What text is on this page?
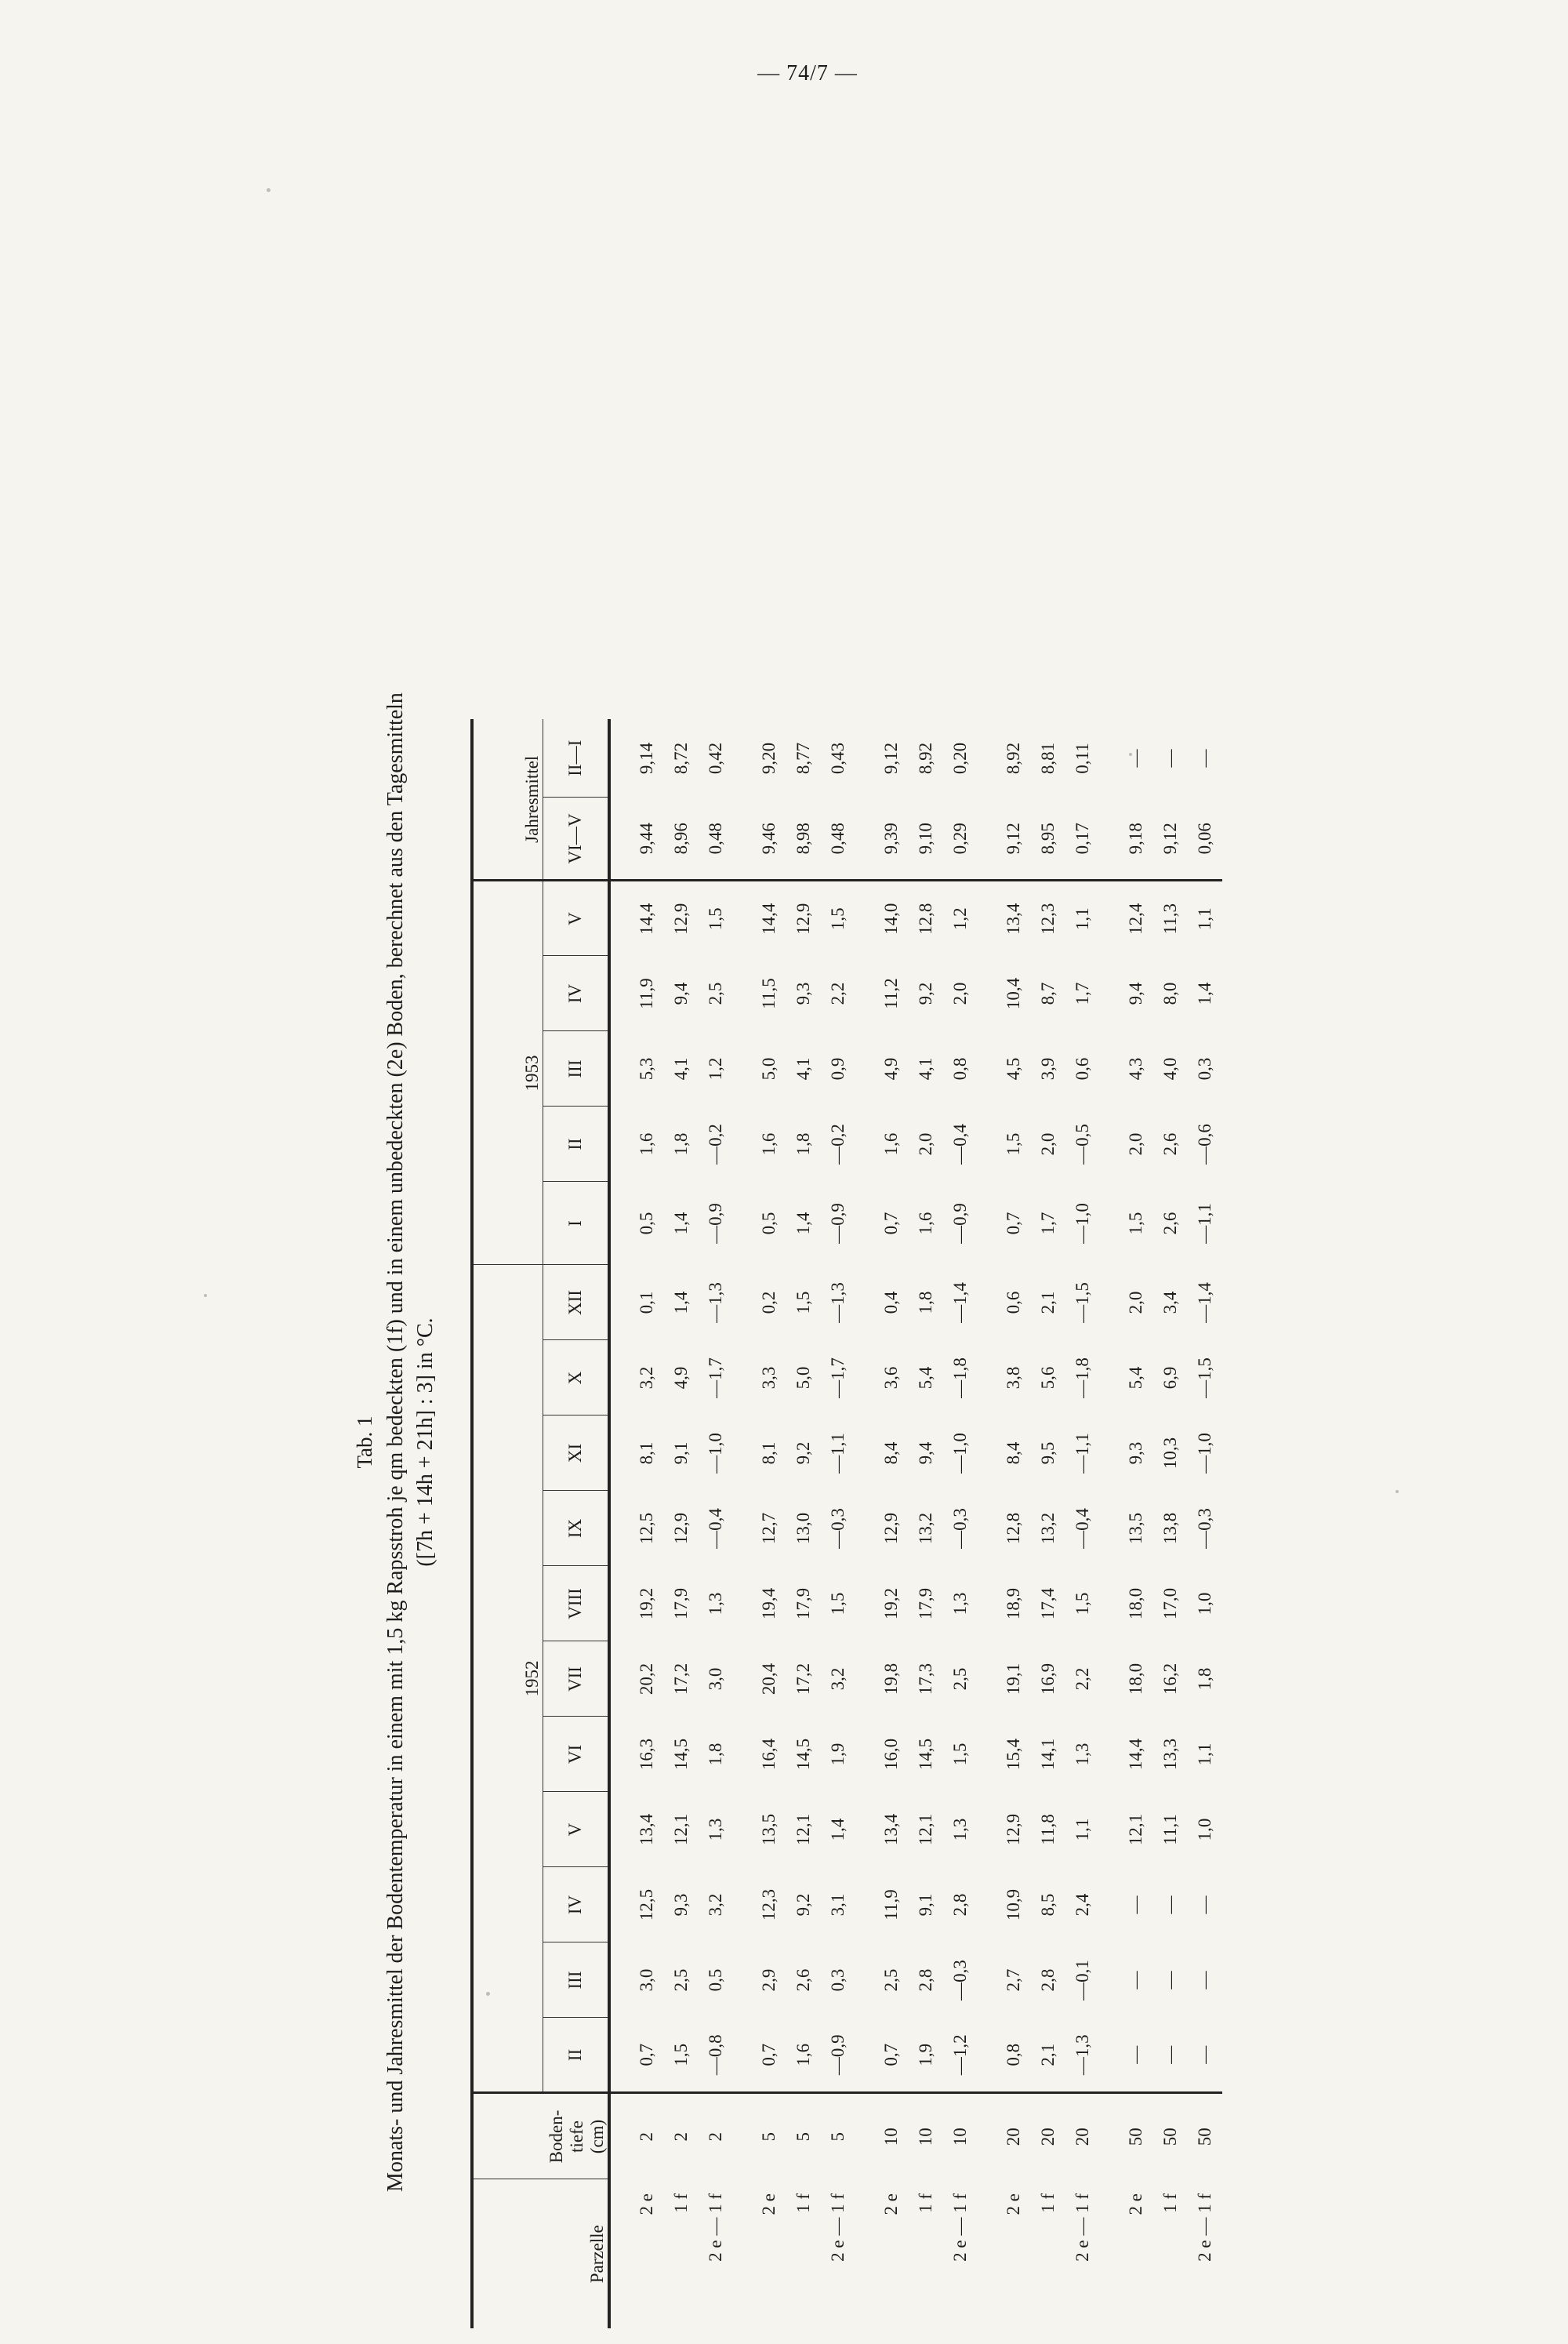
— 74/7 —
Tab. 1 Monats- und Jahresmittel der Bodentemperatur in einem mit 1,5 kg Rapsstroh je qm bedeckten (1f) und in einem unbedeckten (2e) Boden, berechnet aus den Tagesmitteln ([7h + 14h + 21h] : 3] in °C.
Parzelle	Boden-tiefe (cm)	1952											1953					Jahresmittel	
		II	III	IV	V	VI	VII	VIII	IX	XI	X	XII	I	II	III	IV	V	VI—V	II—I

2 e	2	0,7	3,0	12,5	13,4	16,3	20,2	19,2	12,5	8,1	3,2	0,1	0,5	1,6	5,3	11,9	14,4	9,44	9,14
1 f	2	1,5	2,5	9,3	12,1	14,5	17,2	17,9	12,9	9,1	4,9	1,4	1,4	1,8	4,1	9,4	12,9	8,96	8,72
2 e — 1 f	2	—0,8	0,5	3,2	1,3	1,8	3,0	1,3	—0,4	—1,0	—1,7	—1,3	—0,9	—0,2	1,2	2,5	1,5	0,48	0,42

2 e	5	0,7	2,9	12,3	13,5	16,4	20,4	19,4	12,7	8,1	3,3	0,2	0,5	1,6	5,0	11,5	14,4	9,46	9,20
1 f	5	1,6	2,6	9,2	12,1	14,5	17,2	17,9	13,0	9,2	5,0	1,5	1,4	1,8	4,1	9,3	12,9	8,98	8,77
2 e — 1 f	5	—0,9	0,3	3,1	1,4	1,9	3,2	1,5	—0,3	—1,1	—1,7	—1,3	—0,9	—0,2	0,9	2,2	1,5	0,48	0,43

2 e	10	0,7	2,5	11,9	13,4	16,0	19,8	19,2	12,9	8,4	3,6	0,4	0,7	1,6	4,9	11,2	14,0	9,39	9,12
1 f	10	1,9	2,8	9,1	12,1	14,5	17,3	17,9	13,2	9,4	5,4	1,8	1,6	2,0	4,1	9,2	12,8	9,10	8,92
2 e — 1 f	10	—1,2	—0,3	2,8	1,3	1,5	2,5	1,3	—0,3	—1,0	—1,8	—1,4	—0,9	—0,4	0,8	2,0	1,2	0,29	0,20

2 e	20	0,8	2,7	10,9	12,9	15,4	19,1	18,9	12,8	8,4	3,8	0,6	0,7	1,5	4,5	10,4	13,4	9,12	8,92
1 f	20	2,1	2,8	8,5	11,8	14,1	16,9	17,4	13,2	9,5	5,6	2,1	1,7	2,0	3,9	8,7	12,3	8,95	8,81
2 e — 1 f	20	—1,3	—0,1	2,4	1,1	1,3	2,2	1,5	—0,4	—1,1	—1,8	—1,5	—1,0	—0,5	0,6	1,7	1,1	0,17	0,11

2 e	50	—	—	—	12,1	14,4	18,0	18,0	13,5	9,3	5,4	2,0	1,5	2,0	4,3	9,4	12,4	9,18	—
1 f	50	—	—	—	11,1	13,3	16,2	17,0	13,8	10,3	6,9	3,4	2,6	2,6	4,0	8,0	11,3	9,12	—
2 e — 1 f	50	—	—	—	1,0	1,1	1,8	1,0	—0,3	—1,0	—1,5	—1,4	—1,1	—0,6	0,3	1,4	1,1	0,06	—
